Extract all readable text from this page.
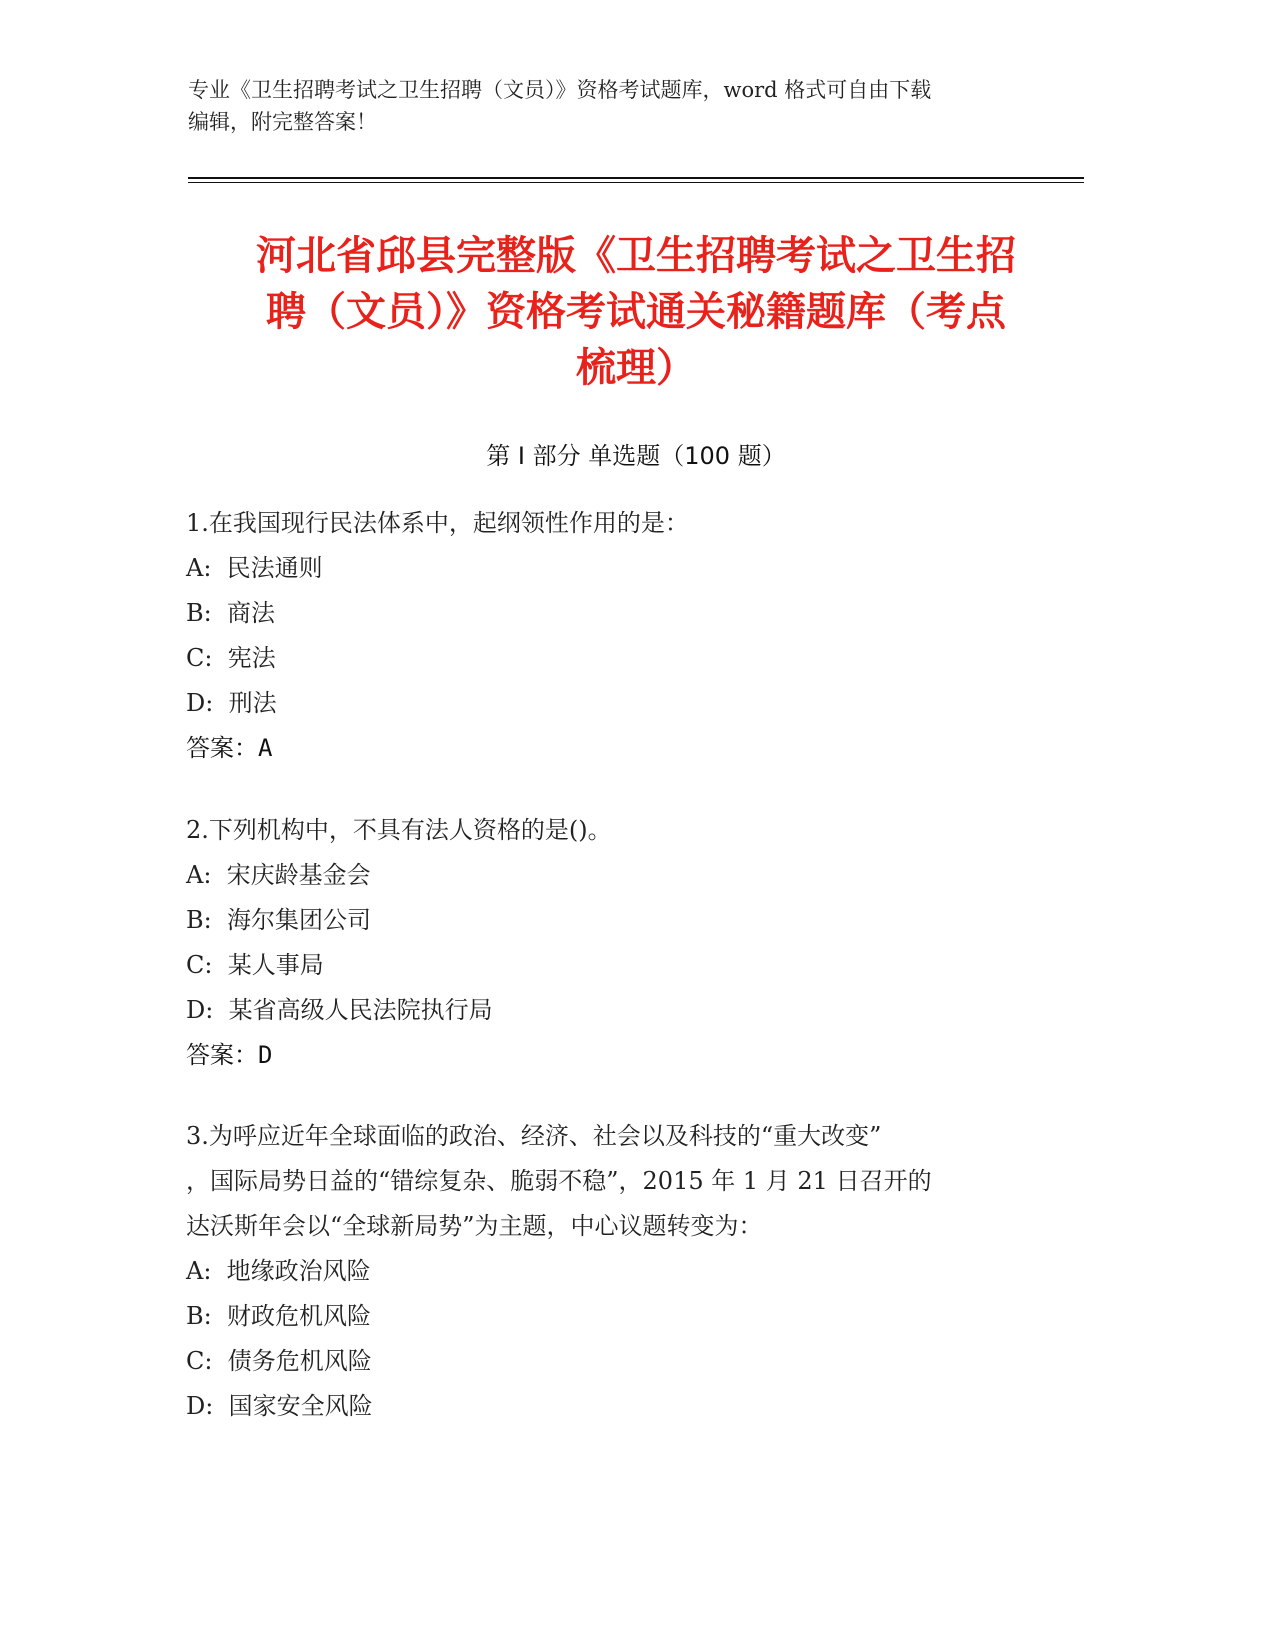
专业《卫生招聘考试之卫生招聘（文员）》资格考试题库，word 格式可自由下载
编辑，附完整答案！
河北省邱县完整版《卫生招聘考试之卫生招
聘（文员）》资格考试通关秘籍题库（考点
梳理）
第 I 部分 单选题（100 题）
1.在我国现行民法体系中，起纲领性作用的是：
A:  民法通则
B:  商法
C:  宪法
D:  刑法
答案：A
2.下列机构中，不具有法人资格的是()。
A:  宋庆龄基金会
B:  海尔集团公司
C:  某人事局
D:  某省高级人民法院执行局
答案：D
3.为呼应近年全球面临的政治、经济、社会以及科技的“重大改变”
，国际局势日益的“错综复杂、脆弱不稳”，2015 年 1 月 21 日召开的
达沃斯年会以“全球新局势”为主题，中心议题转变为：
A:  地缘政治风险
B:  财政危机风险
C:  债务危机风险
D:  国家安全风险
